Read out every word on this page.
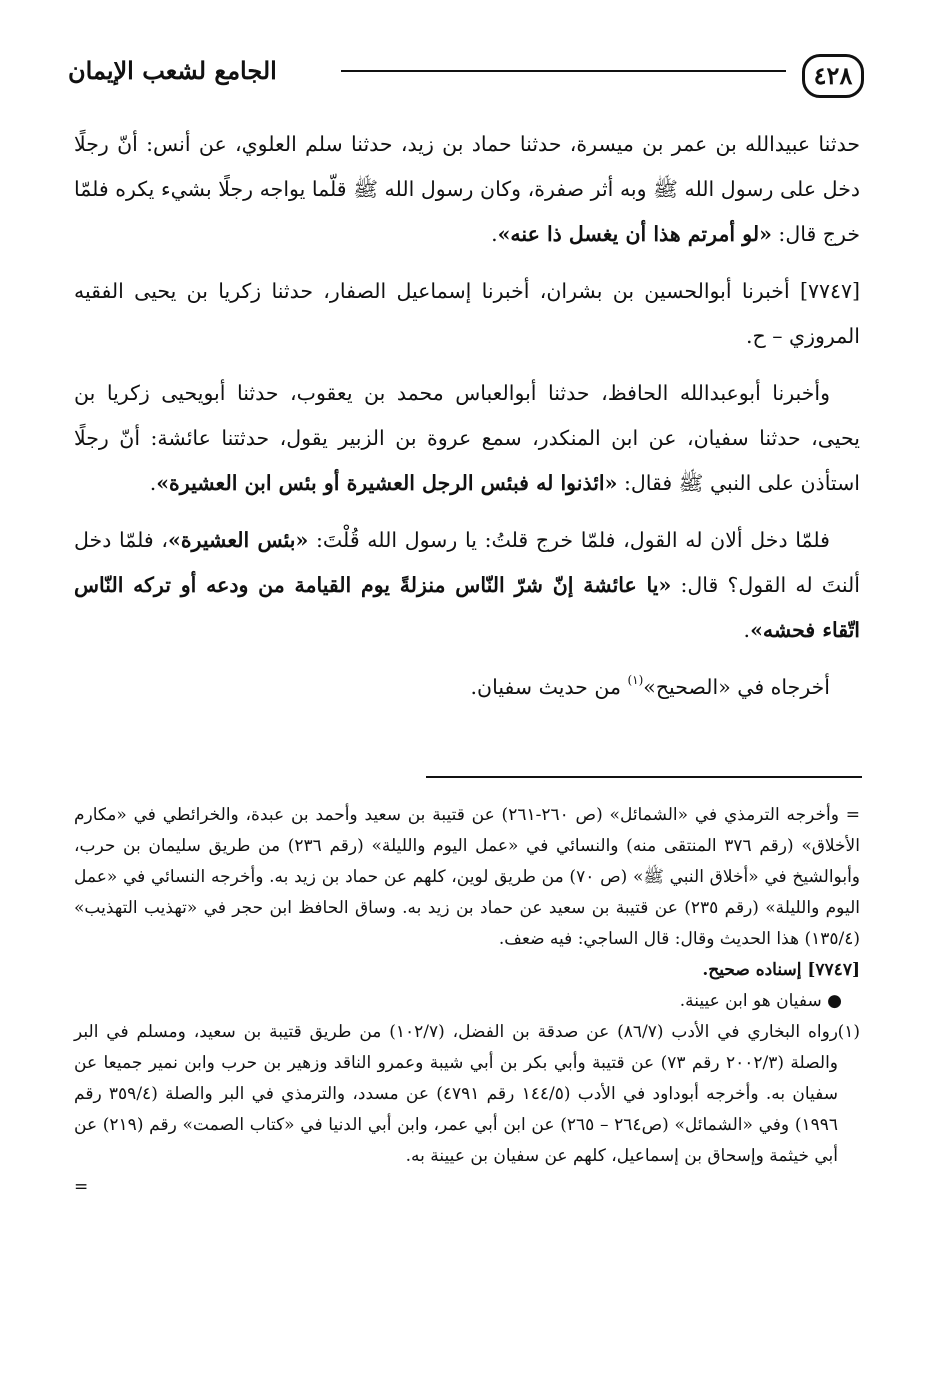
٤٢٨
الجامع لشعب الإيمان

حدثنا عبيدالله بن عمر بن ميسرة، حدثنا حماد بن زيد، حدثنا سلم العلوي، عن أنس: أنّ رجلًا دخل على رسول الله ﷺ وبه أثر صفرة، وكان رسول الله ﷺ قلّما يواجه رجلًا بشيء يكره فلمّا خرج قال: «لو أمرتم هذا أن يغسل ذا عنه».

[٧٧٤٧] أخبرنا أبوالحسين بن بشران، أخبرنا إسماعيل الصفار، حدثنا زكريا بن يحيى الفقيه المروزي – ح.

وأخبرنا أبوعبدالله الحافظ، حدثنا أبوالعباس محمد بن يعقوب، حدثنا أبويحيى زكريا بن يحيى، حدثنا سفيان، عن ابن المنكدر، سمع عروة بن الزبير يقول، حدثتنا عائشة: أنّ رجلًا استأذن على النبي ﷺ فقال: «ائذنوا له فبئس الرجل العشيرة أو بئس ابن العشيرة».

فلمّا دخل ألان له القول، فلمّا خرج قلتُ: يا رسول الله قُلْتَ: «بئس العشيرة»، فلمّا دخل ألنتَ له القول؟ قال: «يا عائشة إنّ شرّ النّاس منزلةً يوم القيامة من ودعه أو تركه النّاس اتّقاء فحشه».

أخرجاه في «الصحيح»$^{(١)}$ من حديث سفيان.

= وأخرجه الترمذي في «الشمائل» (ص ٢٦٠-٢٦١) عن قتيبة بن سعيد وأحمد بن عبدة، والخرائطي في «مكارم الأخلاق» (رقم ٣٧٦ المنتقى منه) والنسائي في «عمل اليوم والليلة» (رقم ٢٣٦) من طريق سليمان بن حرب، وأبوالشيخ في «أخلاق النبي ﷺ» (ص ٧٠) من طريق لوين، كلهم عن حماد بن زيد به. وأخرجه النسائي في «عمل اليوم والليلة» (رقم ٢٣٥) عن قتيبة بن سعيد عن حماد بن زيد به. وساق الحافظ ابن حجر في «تهذيب التهذيب» (١٣٥/٤) هذا الحديث وقال: قال الساجي: فيه ضعف.

[٧٧٤٧] إسناده صحيح.

● سفيان هو ابن عيينة.

(١)
رواه البخاري في الأدب (٨٦/٧) عن صدقة بن الفضل، (١٠٢/٧) من طريق قتيبة بن سعيد، ومسلم في البر والصلة (٢٠٠٢/٣ رقم ٧٣) عن قتيبة وأبي بكر بن أبي شيبة وعمرو الناقد وزهير بن حرب وابن نمير جميعا عن سفيان به. وأخرجه أبوداود في الأدب (١٤٤/٥ رقم ٤٧٩١) عن مسدد، والترمذي في البر والصلة (٣٥٩/٤ رقم ١٩٩٦) وفي «الشمائل» (ص٢٦٤ – ٢٦٥) عن ابن أبي عمر، وابن أبي الدنيا في «كتاب الصمت» رقم (٢١٩) عن أبي خيثمة وإسحاق بن إسماعيل، كلهم عن سفيان بن عيينة به.

=
